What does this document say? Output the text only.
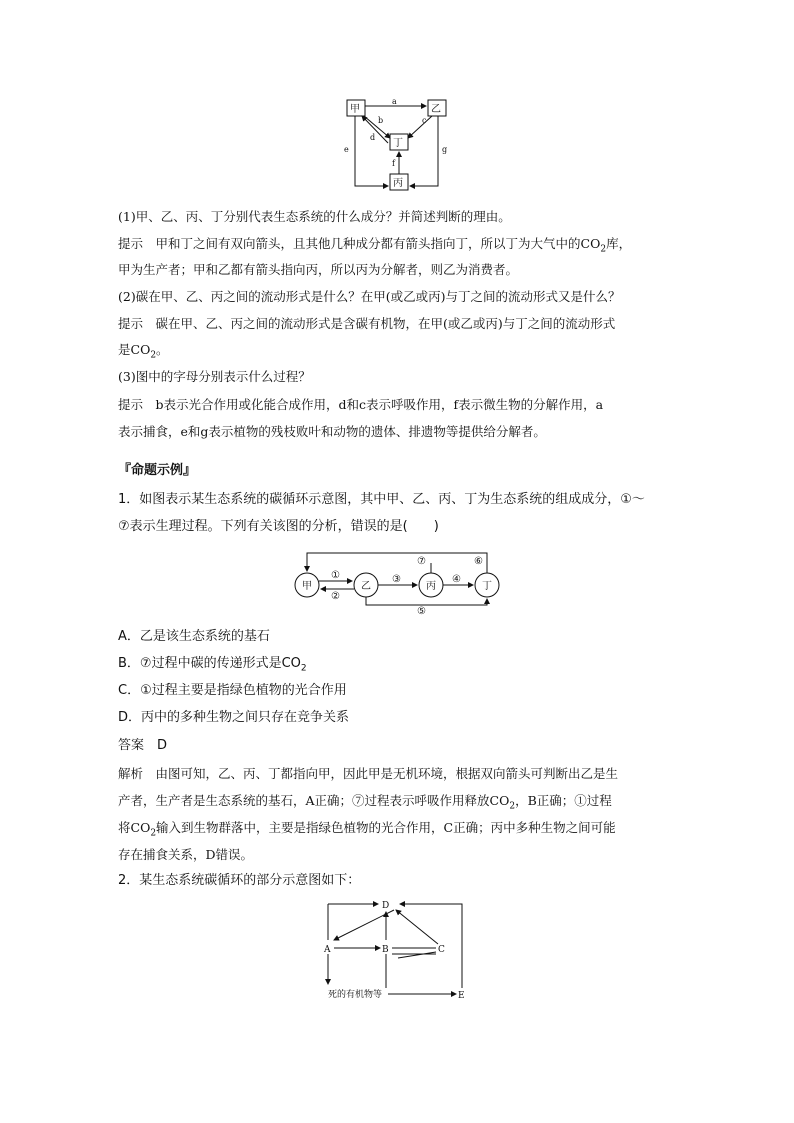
甲	乙
丁
丙
a
b
d
c
e
f
g
(1)甲、乙、丙、丁分别代表生态系统的什么成分？并简述判断的理由。
提示　甲和丁之间有双向箭头，且其他几种成分都有箭头指向丁，所以丁为大气中的$CO_2$库，
甲为生产者；甲和乙都有箭头指向丙，所以丙为分解者，则乙为消费者。
(2)碳在甲、乙、丙之间的流动形式是什么？在甲(或乙或丙)与丁之间的流动形式又是什么？
提示　碳在甲、乙、丙之间的流动形式是含碳有机物，在甲(或乙或丙)与丁之间的流动形式
是$CO_2$。
(3)图中的字母分别表示什么过程？
提示　b表示光合作用或化能合成作用，d和c表示呼吸作用，f表示微生物的分解作用，a
表示捕食，e和g表示植物的残枝败叶和动物的遗体、排遗物等提供给分解者。
『命题示例』
1．如图表示某生态系统的碳循环示意图，其中甲、乙、丙、丁为生态系统的组成成分，①～
⑦表示生理过程。下列有关该图的分析，错误的是(　　)
甲	乙	丙	丁
①
②
③	④
⑤
⑥
⑦
A．乙是该生态系统的基石
B．⑦过程中碳的传递形式是$CO_2$
C．①过程主要是指绿色植物的光合作用
D．丙中的多种生物之间只存在竞争关系
答案　D
解析　由图可知，乙、丙、丁都指向甲，因此甲是无机环境，根据双向箭头可判断出乙是生
产者，生产者是生态系统的基石，A正确；⑦过程表示呼吸作用释放$CO_2$，B正确；①过程
将$CO_2$输入到生物群落中，主要是指绿色植物的光合作用，C正确；丙中多种生物之间可能
存在捕食关系，D错误。
2．某生态系统碳循环的部分示意图如下：
D
A	B	C
E
死的有机物等
